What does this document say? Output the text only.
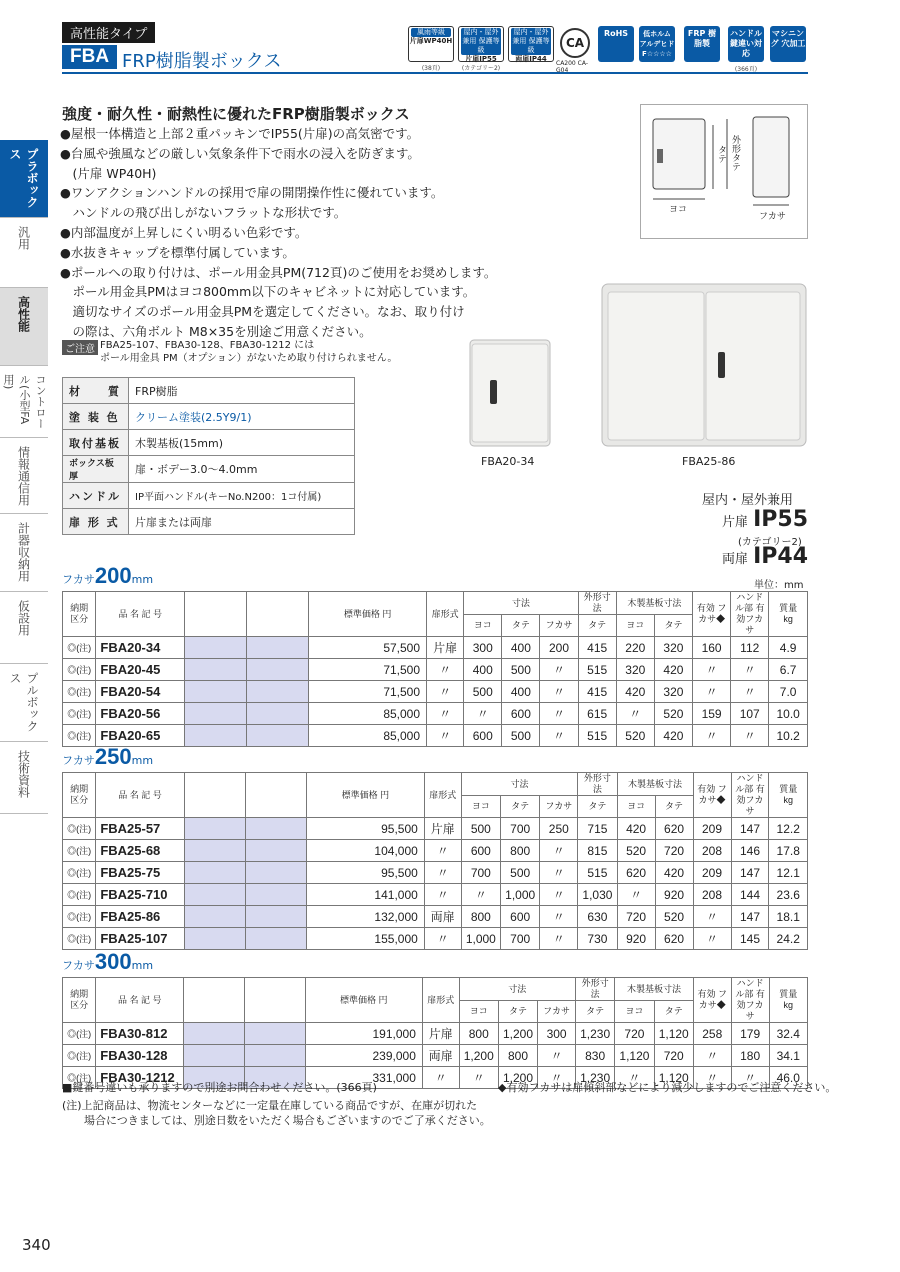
高性能タイプ
FBA FRP樹脂製ボックス
風雨等級
片扉WP40H
(38頁)
屋内・屋外兼用 保護等級
片扉IP55
(カテゴリー2)
屋内・屋外兼用 保護等級
両扉IP44
CA
CA200 CA-G04
RoHS	低ホルム アルデヒド F☆☆☆☆
FRP 樹脂製
ハンドル 鍵違い対応
(366頁)
マシニング 穴加工
プラボックス
汎用
高性能
コントロール(小型FA用)
情報通信用
計器収納用
仮設用
プルボックス
技術資料
強度・耐久性・耐熱性に優れたFRP樹脂製ボックス
●屋根一体構造と上部２重パッキンでIP55(片扉)の高気密です。
●台風や強風などの厳しい気象条件下で雨水の浸入を防ぎます。
　(片扉 WP40H)
●ワンアクションハンドルの採用で扉の開閉操作性に優れています。
　ハンドルの飛び出しがないフラットな形状です。
●内部温度が上昇しにくい明るい色彩です。
●水抜きキャップを標準付属しています。
●ポールへの取り付けは、ポール用金具PM(712頁)のご使用をお奨めします。
　ポール用金具PMはヨコ800mm以下のキャビネットに対応しています。
　適切なサイズのポール用金具PMを選定してください。なお、取り付け
　の際は、六角ボルト M8×35を別途ご用意ください。
ご注意 FBA25-107、FBA30-128、FBA30-1212 には
ポール用金具 PM（オプション）がないため取り付けられません。
材　　質	FRP樹脂
塗 装 色	クリーム塗装(2.5Y9/1)
取付基板	木製基板(15mm)
ボックス板厚	扉・ボデー3.0〜4.0mm
ハンドル	IP平面ハンドル(キーNo.N200：1コ付属)
扉 形 式	片扉または両扉
ヨコ
タテ 外形タテ
フカサ
FBA20-34	FBA25-86
屋内・屋外兼用
片扉 IP55
(カテゴリー2)
両扉 IP44
単位：mm
フカサ200mm
納期
区分	品 名 記 号			標準価格 円	扉形式	寸法			外形寸法	木製基板寸法		有効 フカサ◆	ハンドル部 有効フカサ	質量
kg
						ヨコ	タテ	フカサ	タテ	ヨコ	タテ			
◎(注)	FBA20-34			57,500	片扉	300	400	200	415	220	320	160	112	4.9
◎(注)	FBA20-45			71,500	〃	400	500	〃	515	320	420	〃	〃	6.7
◎(注)	FBA20-54			71,500	〃	500	400	〃	415	420	320	〃	〃	7.0
◎(注)	FBA20-56			85,000	〃	〃	600	〃	615	〃	520	159	107	10.0
◎(注)	FBA20-65			85,000	〃	600	500	〃	515	520	420	〃	〃	10.2
フカサ250mm
納期
区分	品 名 記 号			標準価格 円	扉形式	寸法			外形寸法	木製基板寸法		有効 フカサ◆	ハンドル部 有効フカサ	質量
kg
						ヨコ	タテ	フカサ	タテ	ヨコ	タテ			
◎(注)	FBA25-57			95,500	片扉	500	700	250	715	420	620	209	147	12.2
◎(注)	FBA25-68			104,000	〃	600	800	〃	815	520	720	208	146	17.8
◎(注)	FBA25-75			95,500	〃	700	500	〃	515	620	420	209	147	12.1
◎(注)	FBA25-710			141,000	〃	〃	1,000	〃	1,030	〃	920	208	144	23.6
◎(注)	FBA25-86			132,000	両扉	800	600	〃	630	720	520	〃	147	18.1
◎(注)	FBA25-107			155,000	〃	1,000	700	〃	730	920	620	〃	145	24.2
フカサ300mm
納期
区分	品 名 記 号			標準価格 円	扉形式	寸法			外形寸法	木製基板寸法		有効 フカサ◆	ハンドル部 有効フカサ	質量
kg
						ヨコ	タテ	フカサ	タテ	ヨコ	タテ			
◎(注)	FBA30-812			191,000	片扉	800	1,200	300	1,230	720	1,120	258	179	32.4
◎(注)	FBA30-128			239,000	両扉	1,200	800	〃	830	1,120	720	〃	180	34.1
◎(注)	FBA30-1212			331,000	〃	〃	1,200	〃	1,230	〃	1,120	〃	〃	46.0
■鍵番号違いも承りますので別途お問合わせください。(366頁)	◆有効フカサは扉傾斜部などにより減少しますのでご注意ください。
(注)上記商品は、物流センターなどに一定量在庫している商品ですが、在庫が切れた
　　場合につきましては、別途日数をいただく場合もございますのでご了承ください。
340
